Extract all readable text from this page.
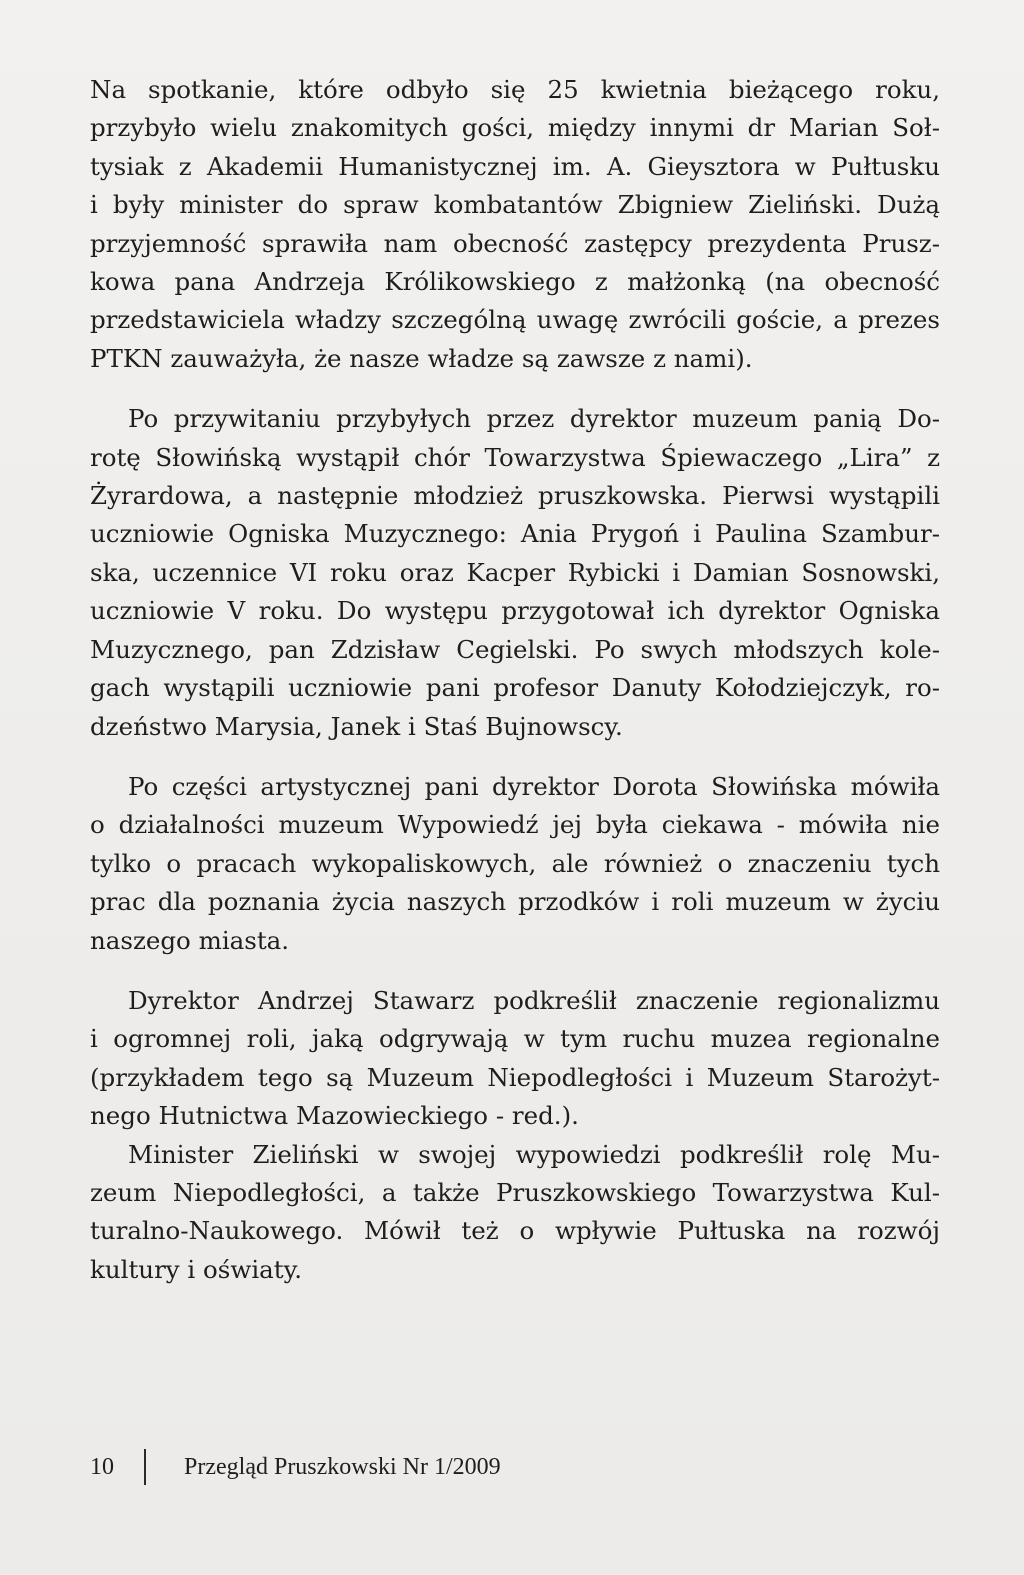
Na spotkanie, które odbyło się 25 kwietnia bieżącego roku,
przybyło wielu znakomitych gości, między innymi dr Marian Soł-
tysiak z Akademii Humanistycznej im. A. Gieysztora w Pułtusku
i były minister do spraw kombatantów Zbigniew Zieliński. Dużą
przyjemność sprawiła nam obecność zastępcy prezydenta Prusz-
kowa pana Andrzeja Królikowskiego z małżonką (na obecność
przedstawiciela władzy szczególną uwagę zwrócili goście, a prezes
PTKN zauważyła, że nasze władze są zawsze z nami).
Po przywitaniu przybyłych przez dyrektor muzeum panią Do-
rotę Słowińską wystąpił chór Towarzystwa Śpiewaczego „Lira” z
Żyrardowa, a następnie młodzież pruszkowska. Pierwsi wystąpili
uczniowie Ogniska Muzycznego: Ania Prygoń i Paulina Szambur-
ska, uczennice VI roku oraz Kacper Rybicki i Damian Sosnowski,
uczniowie V roku. Do występu przygotował ich dyrektor Ogniska
Muzycznego, pan Zdzisław Cegielski. Po swych młodszych kole-
gach wystąpili uczniowie pani profesor Danuty Kołodziejczyk, ro-
dzeństwo Marysia, Janek i Staś Bujnowscy.
Po części artystycznej pani dyrektor Dorota Słowińska mówiła
o działalności muzeum Wypowiedź jej była ciekawa - mówiła nie
tylko o pracach wykopaliskowych, ale również o znaczeniu tych
prac dla poznania życia naszych przodków i roli muzeum w życiu
naszego miasta.
Dyrektor Andrzej Stawarz podkreślił znaczenie regionalizmu
i ogromnej roli, jaką odgrywają w tym ruchu muzea regionalne
(przykładem tego są Muzeum Niepodległości i Muzeum Starożyt-
nego Hutnictwa Mazowieckiego - red.).
Minister Zieliński w swojej wypowiedzi podkreślił rolę Mu-
zeum Niepodległości, a także Pruszkowskiego Towarzystwa Kul-
turalno-Naukowego. Mówił też o wpływie Pułtuska na rozwój
kultury i oświaty.
10	Przegląd Pruszkowski Nr 1/2009
